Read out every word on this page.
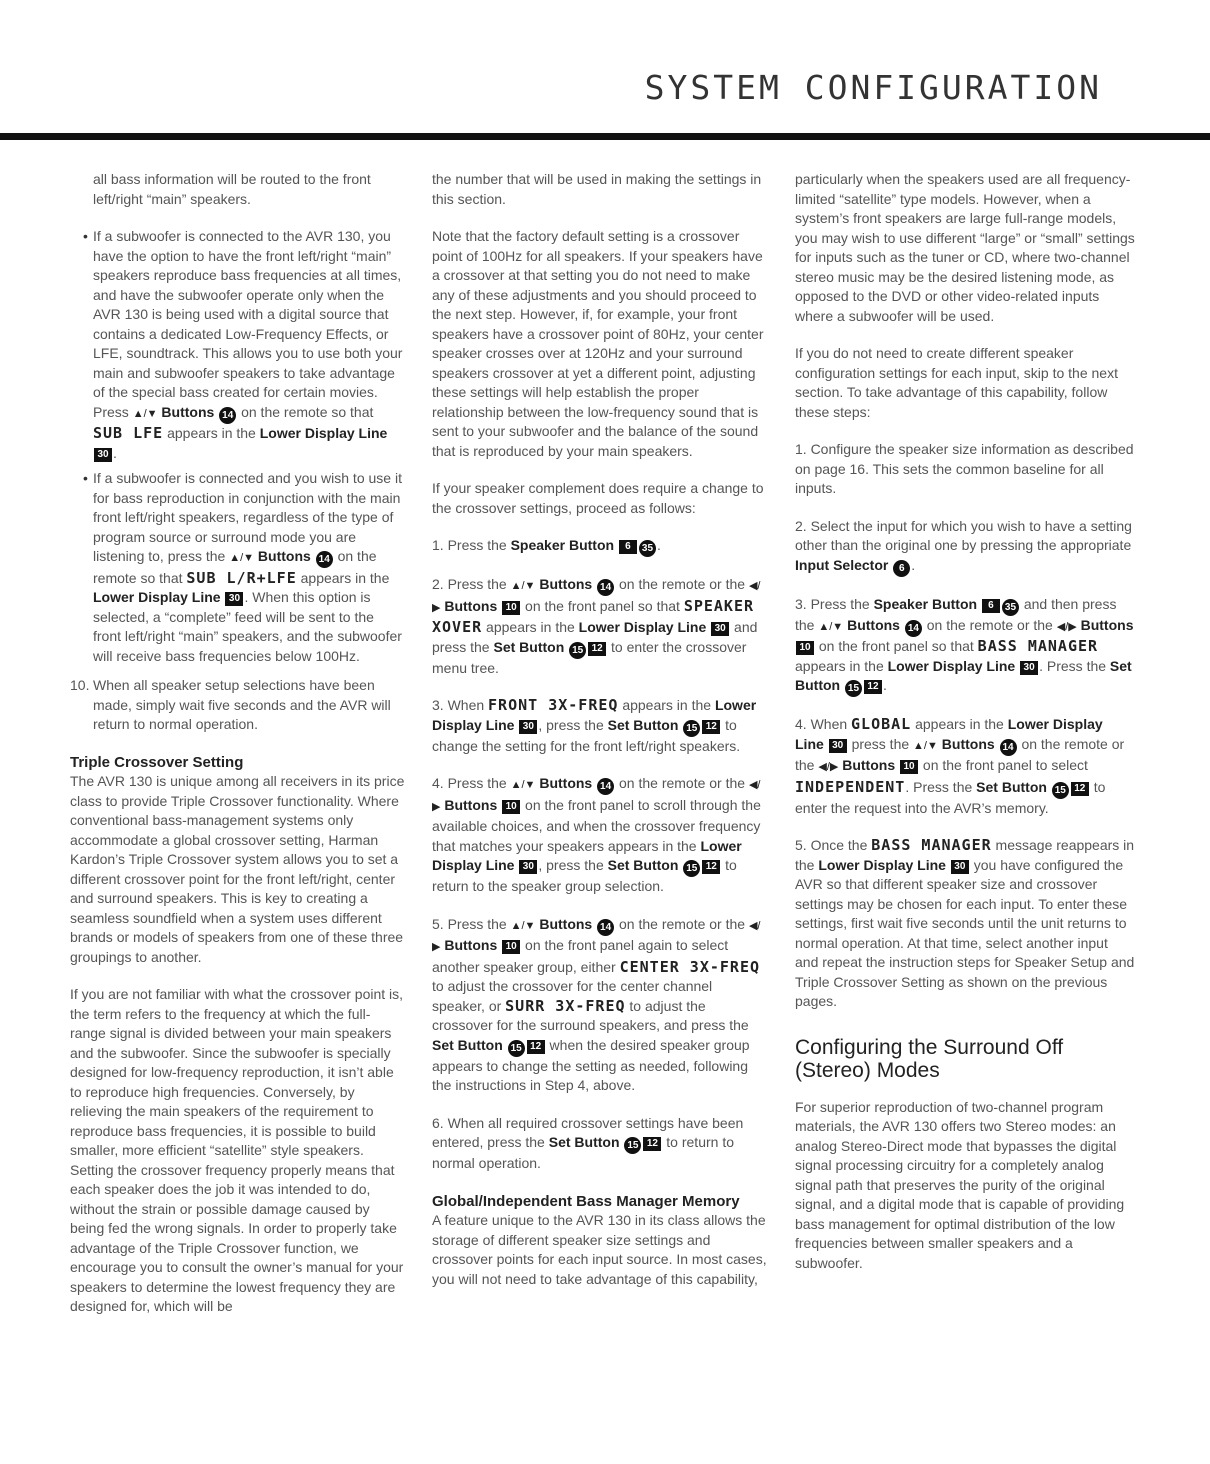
SYSTEM CONFIGURATION

all bass information will be routed to the front left/right “main” speakers.

• If a subwoofer is connected to the AVR 130, you have the option to have the front left/right “main” speakers reproduce bass frequencies at all times, and have the subwoofer operate only when the AVR 130 is being used with a digital source that contains a dedicated Low-Frequency Effects, or LFE, soundtrack. This allows you to use both your main and subwoofer speakers to take advantage of the special bass created for certain movies. Press ▲/▼ Buttons 14 on the remote so that SUB LFE appears in the Lower Display Line 30 .
• If a subwoofer is connected and you wish to use it for bass reproduction in conjunction with the main front left/right speakers, regardless of the type of program source or surround mode you are listening to, press the ▲/▼ Buttons 14 on the remote so that SUB L/R+LFE appears in the Lower Display Line 30 . When this option is selected, a “complete” feed will be sent to the front left/right “main” speakers, and the subwoofer will receive bass frequencies below 100Hz.
10. When all speaker setup selections have been made, simply wait five seconds and the AVR will return to normal operation.
Triple Crossover Setting

The AVR 130 is unique among all receivers in its price class to provide Triple Crossover functionality. Where conventional bass-management systems only accommodate a global crossover setting, Harman Kardon’s Triple Crossover system allows you to set a different crossover point for the front left/right, center and surround speakers. This is key to creating a seamless soundfield when a system uses different brands or models of speakers from one of these three groupings to another.

If you are not familiar with what the crossover point is, the term refers to the frequency at which the full-range signal is divided between your main speakers and the subwoofer. Since the subwoofer is specially designed for low-frequency reproduction, it isn’t able to reproduce high frequencies. Conversely, by relieving the main speakers of the requirement to reproduce bass frequencies, it is possible to build smaller, more efficient “satellite” style speakers. Setting the crossover frequency properly means that each speaker does the job it was intended to do, without the strain or possible damage caused by being fed the wrong signals. In order to properly take advantage of the Triple Crossover function, we encourage you to consult the owner’s manual for your speakers to determine the lowest frequency they are designed for, which will be

the number that will be used in making the settings in this section.

Note that the factory default setting is a crossover point of 100Hz for all speakers. If your speakers have a crossover at that setting you do not need to make any of these adjustments and you should proceed to the next step. However, if, for example, your front speakers have a crossover point of 80Hz, your center speaker crosses over at 120Hz and your surround speakers crossover at yet a different point, adjusting these settings will help establish the proper relationship between the low-frequency sound that is sent to your subwoofer and the balance of the sound that is reproduced by your main speakers.

If your speaker complement does require a change to the crossover settings, proceed as follows:

1. Press the Speaker Button 6 35 .

2. Press the ▲/▼ Buttons 14 on the remote or the ◀/▶ Buttons 10 on the front panel so that SPEAKER XOVER appears in the Lower Display Line 30 and press the Set Button 15 12 to enter the crossover menu tree.

3. When FRONT 3X-FREQ appears in the Lower Display Line 30 , press the Set Button 15 12 to change the setting for the front left/right speakers.

4. Press the ▲/▼ Buttons 14 on the remote or the ◀/▶ Buttons 10 on the front panel to scroll through the available choices, and when the crossover frequency that matches your speakers appears in the Lower Display Line 30 , press the Set Button 15 12 to return to the speaker group selection.

5. Press the ▲/▼ Buttons 14 on the remote or the ◀/▶ Buttons 10 on the front panel again to select another speaker group, either CENTER 3X-FREQ to adjust the crossover for the center channel speaker, or SURR 3X-FREQ to adjust the crossover for the surround speakers, and press the Set Button 15 12 when the desired speaker group appears to change the setting as needed, following the instructions in Step 4, above.

6. When all required crossover settings have been entered, press the Set Button 15 12 to return to normal operation.

Global/Independent Bass Manager Memory

A feature unique to the AVR 130 in its class allows the storage of different speaker size settings and crossover points for each input source. In most cases, you will not need to take advantage of this capability,

particularly when the speakers used are all frequency-limited “satellite” type models. However, when a system’s front speakers are large full-range models, you may wish to use different “large” or “small” settings for inputs such as the tuner or CD, where two-channel stereo music may be the desired listening mode, as opposed to the DVD or other video-related inputs where a subwoofer will be used.

If you do not need to create different speaker configuration settings for each input, skip to the next section. To take advantage of this capability, follow these steps:

1. Configure the speaker size information as described on page 16. This sets the common baseline for all inputs.

2. Select the input for which you wish to have a setting other than the original one by pressing the appropriate Input Selector 6 .

3. Press the Speaker Button 6 35 and then press the ▲/▼ Buttons 14 on the remote or the ◀/▶ Buttons 10 on the front panel so that BASS MANAGER appears in the Lower Display Line 30 . Press the Set Button 15 12 .

4. When GLOBAL appears in the Lower Display Line 30 press the ▲/▼ Buttons 14 on the remote or the ◀/▶ Buttons 10 on the front panel to select INDEPENDENT. Press the Set Button 15 12 to enter the request into the AVR’s memory.

5. Once the BASS MANAGER message reappears in the Lower Display Line 30 you have configured the AVR so that different speaker size and crossover settings may be chosen for each input. To enter these settings, first wait five seconds until the unit returns to normal operation. At that time, select another input and repeat the instruction steps for Speaker Setup and Triple Crossover Setting as shown on the previous pages.

Configuring the Surround Off (Stereo) Modes

For superior reproduction of two-channel program materials, the AVR 130 offers two Stereo modes: an analog Stereo-Direct mode that bypasses the digital signal processing circuitry for a completely analog signal path that preserves the purity of the original signal, and a digital mode that is capable of providing bass management for optimal distribution of the low frequencies between smaller speakers and a subwoofer.
